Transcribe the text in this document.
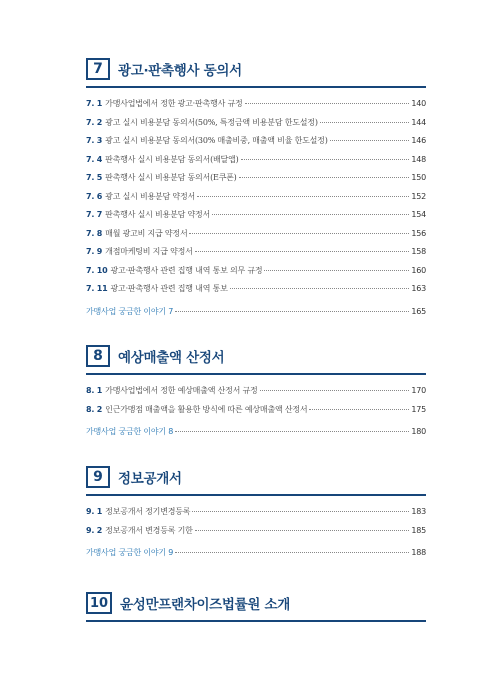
7	광고·판촉행사 동의서
7. 1 가맹사업법에서 정한 광고·판촉행사 규정	140
7. 2 광고 실시 비용분담 동의서(50%, 특정금액 비용분담 한도설정)	144
7. 3 광고 실시 비용분담 동의서(30% 매출비중, 매출액 비율 한도설정)	146
7. 4 판촉행사 실시 비용분담 동의서(배달앱)	148
7. 5 판촉행사 실시 비용분담 동의서(E쿠폰)	150
7. 6 광고 실시 비용분담 약정서	152
7. 7 판촉행사 실시 비용분담 약정서	154
7. 8 매월 광고비 지급 약정서	156
7. 9 개점마케팅비 지급 약정서	158
7. 10 광고·판촉행사 관련 집행 내역 통보 의무 규정	160
7. 11 광고·판촉행사 관련 집행 내역 통보	163
가맹사업 궁금한 이야기 7	165
8	예상매출액 산정서
8. 1 가맹사업법에서 정한 예상매출액 산정서 규정	170
8. 2 인근가맹점 매출액을 활용한 방식에 따른 예상매출액 산정서	175
가맹사업 궁금한 이야기 8	180
9	정보공개서
9. 1 정보공개서 정기변경등록	183
9. 2 정보공개서 변경등록 기한	185
가맹사업 궁금한 이야기 9	188
10 윤성만프랜차이즈법률원 소개
